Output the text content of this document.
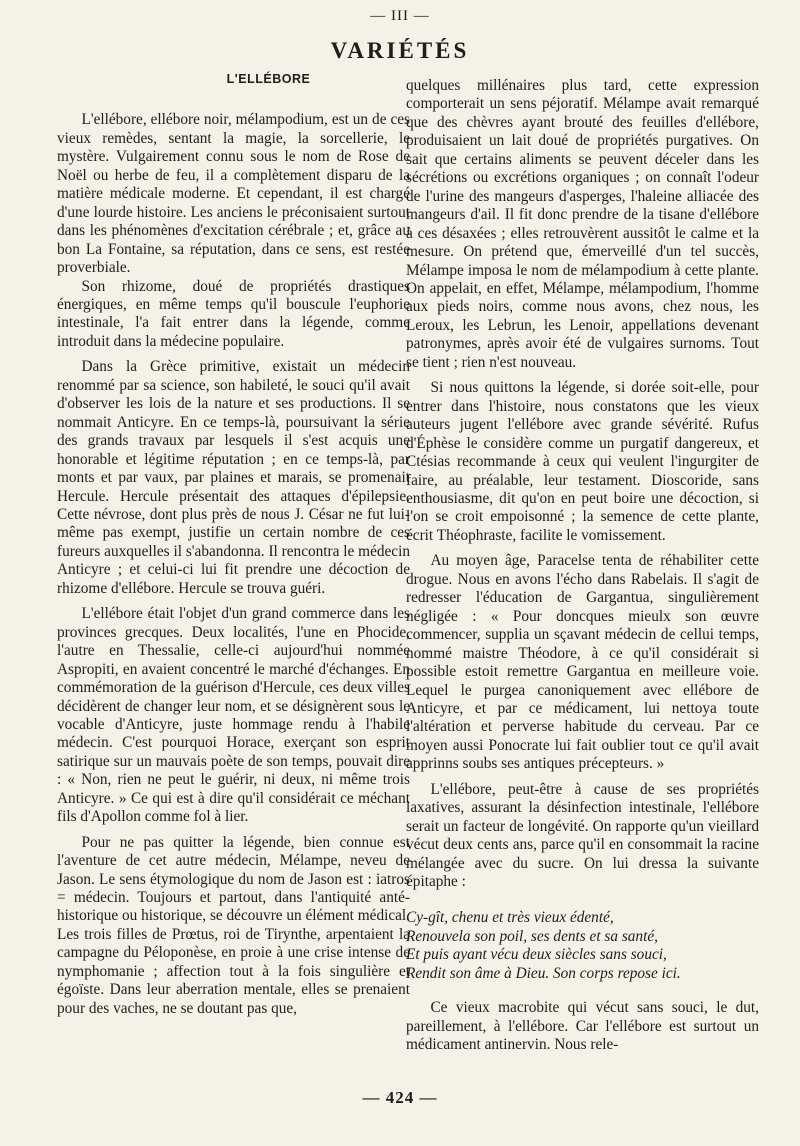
— III —
VARIÉTÉS
L'ELLÉBORE

L'ellébore, ellébore noir, mélampodium, est un de ces vieux remèdes, sentant la magie, la sorcellerie, le mystère. Vulgairement connu sous le nom de Rose de Noël ou herbe de feu, il a complètement disparu de la matière médicale moderne. Et cependant, il est chargé d'une lourde histoire. Les anciens le préconisaient surtout dans les phénomènes d'excitation cérébrale ; et, grâce au bon La Fontaine, sa réputation, dans ce sens, est restée proverbiale.

Son rhizome, doué de propriétés drastiques énergiques, en même temps qu'il bouscule l'euphorie intestinale, l'a fait entrer dans la légende, comme introduit dans la médecine populaire.

Dans la Grèce primitive, existait un médecin renommé par sa science, son habileté, le souci qu'il avait d'observer les lois de la nature et ses productions. Il se nommait Anticyre. En ce temps-là, poursuivant la série des grands travaux par lesquels il s'est acquis une honorable et légitime réputation ; en ce temps-là, par monts et par vaux, par plaines et marais, se promenait Hercule. Hercule présentait des attaques d'épilepsie. Cette névrose, dont plus près de nous J. César ne fut lui-même pas exempt, justifie un certain nombre de ces fureurs auxquelles il s'abandonna. Il rencontra le médecin Anticyre ; et celui-ci lui fit prendre une décoction de rhizome d'ellébore. Hercule se trouva guéri.

L'ellébore était l'objet d'un grand commerce dans les provinces grecques. Deux localités, l'une en Phocide, l'autre en Thessalie, celle-ci aujourd'hui nommée Aspropiti, en avaient concentré le marché d'échanges. En commémoration de la guérison d'Hercule, ces deux villes décidèrent de changer leur nom, et se désignèrent sous le vocable d'Anticyre, juste hommage rendu à l'habile médecin. C'est pourquoi Horace, exerçant son esprit satirique sur un mauvais poète de son temps, pouvait dire : « Non, rien ne peut le guérir, ni deux, ni même trois Anticyre. » Ce qui est à dire qu'il considérait ce méchant fils d'Apollon comme fol à lier.

Pour ne pas quitter la légende, bien connue est l'aventure de cet autre médecin, Mélampe, neveu de Jason. Le sens étymologique du nom de Jason est : iatros = médecin. Toujours et partout, dans l'antiquité anté-historique ou historique, se découvre un élément médical. Les trois filles de Prœtus, roi de Tirynthe, arpentaient la campagne du Péloponèse, en proie à une crise intense de nymphomanie ; affection tout à la fois singulière et égoïste. Dans leur aberration mentale, elles se prenaient pour des vaches, ne se doutant pas que,

quelques millénaires plus tard, cette expression comporterait un sens péjoratif. Mélampe avait remarqué que des chèvres ayant brouté des feuilles d'ellébore, produisaient un lait doué de propriétés purgatives. On sait que certains aliments se peuvent déceler dans les sécrétions ou excrétions organiques ; on connaît l'odeur de l'urine des mangeurs d'asperges, l'haleine alliacée des mangeurs d'ail. Il fit donc prendre de la tisane d'ellébore à ces désaxées ; elles retrouvèrent aussitôt le calme et la mesure. On prétend que, émerveillé d'un tel succès, Mélampe imposa le nom de mélampodium à cette plante. On appelait, en effet, Mélampe, mélampodium, l'homme aux pieds noirs, comme nous avons, chez nous, les Leroux, les Lebrun, les Lenoir, appellations devenant patronymes, après avoir été de vulgaires surnoms. Tout se tient ; rien n'est nouveau.

Si nous quittons la légende, si dorée soit-elle, pour entrer dans l'histoire, nous constatons que les vieux auteurs jugent l'ellébore avec grande sévérité. Rufus d'Éphèse le considère comme un purgatif dangereux, et Ctésias recommande à ceux qui veulent l'ingurgiter de faire, au préalable, leur testament. Dioscoride, sans enthousiasme, dit qu'on en peut boire une décoction, si l'on se croit empoisonné ; la semence de cette plante, écrit Théophraste, facilite le vomissement.

Au moyen âge, Paracelse tenta de réhabiliter cette drogue. Nous en avons l'écho dans Rabelais. Il s'agit de redresser l'éducation de Gargantua, singulièrement négligée : « Pour doncques mieulx son œuvre commencer, supplia un sçavant médecin de cellui temps, nommé maistre Théodore, à ce qu'il considérait si possible estoit remettre Gargantua en meilleure voie. Lequel le purgea canoniquement avec ellébore de Anticyre, et par ce médicament, lui nettoya toute l'altération et perverse habitude du cerveau. Par ce moyen aussi Ponocrate lui fait oublier tout ce qu'il avait apprinns soubs ses antiques précepteurs. »

L'ellébore, peut-être à cause de ses propriétés laxatives, assurant la désinfection intestinale, l'ellébore serait un facteur de longévité. On rapporte qu'un vieillard vécut deux cents ans, parce qu'il en consommait la racine mélangée avec du sucre. On lui dressa la suivante épitaphe :

Cy-gît, chenu et très vieux édenté,
Renouvela son poil, ses dents et sa santé,
Et puis ayant vécu deux siècles sans souci,
Rendit son âme à Dieu. Son corps repose ici.

Ce vieux macrobite qui vécut sans souci, le dut, pareillement, à l'ellébore. Car l'ellébore est surtout un médicament antinervin. Nous rele-

— 424 —
